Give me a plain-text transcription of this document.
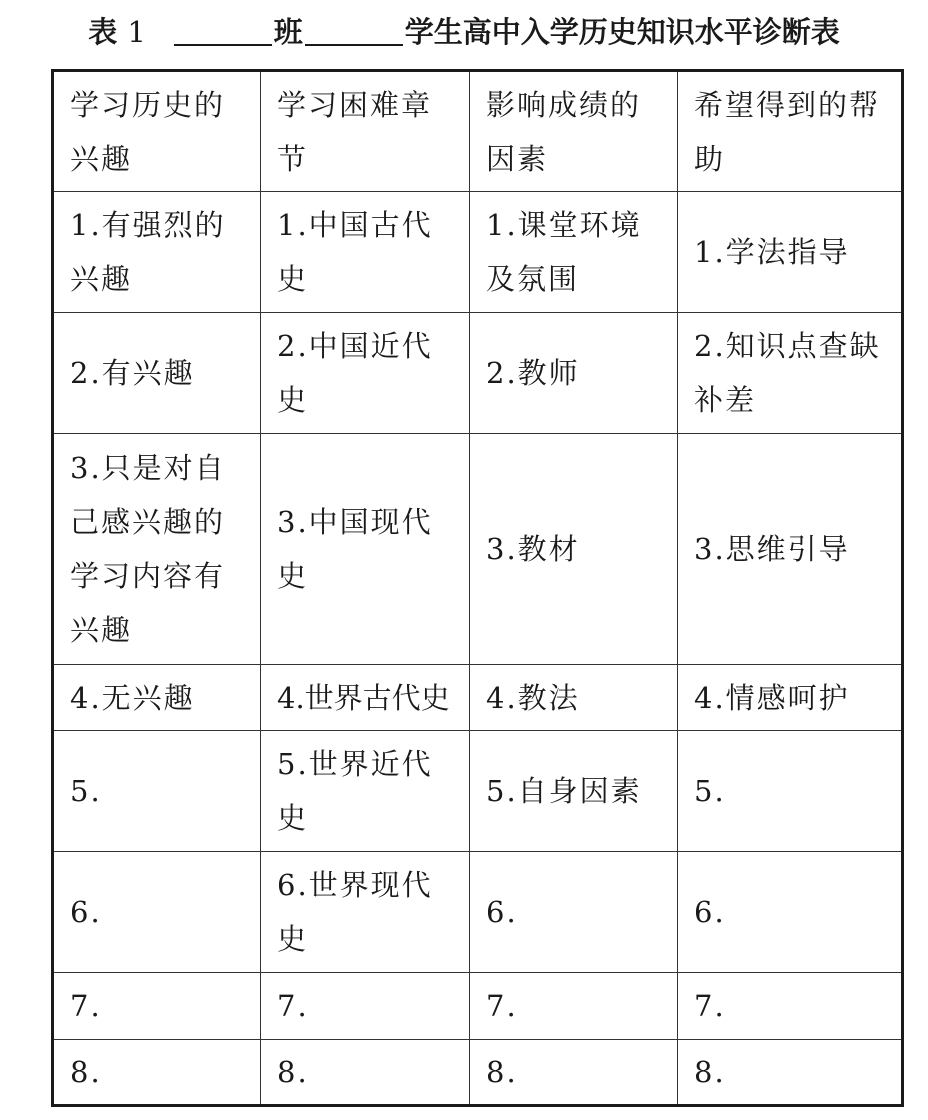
表 1	班	学生高中入学历史知识水平诊断表
学习历史的兴趣	学习困难章节	影响成绩的因素	希望得到的帮助
1.有强烈的兴趣	1.中国古代史	1.课堂环境及氛围	1.学法指导
2.有兴趣	2.中国近代史	2.教师	2.知识点查缺补差
3.只是对自己感兴趣的学习内容有兴趣	3.中国现代史	3.教材	3.思维引导
4.无兴趣	4.世界古代史	4.教法	4.情感呵护
5.	5.世界近代史	5.自身因素	5.
6.	6.世界现代史	6.	6.
7.	7.	7.	7.
8.	8.	8.	8.
